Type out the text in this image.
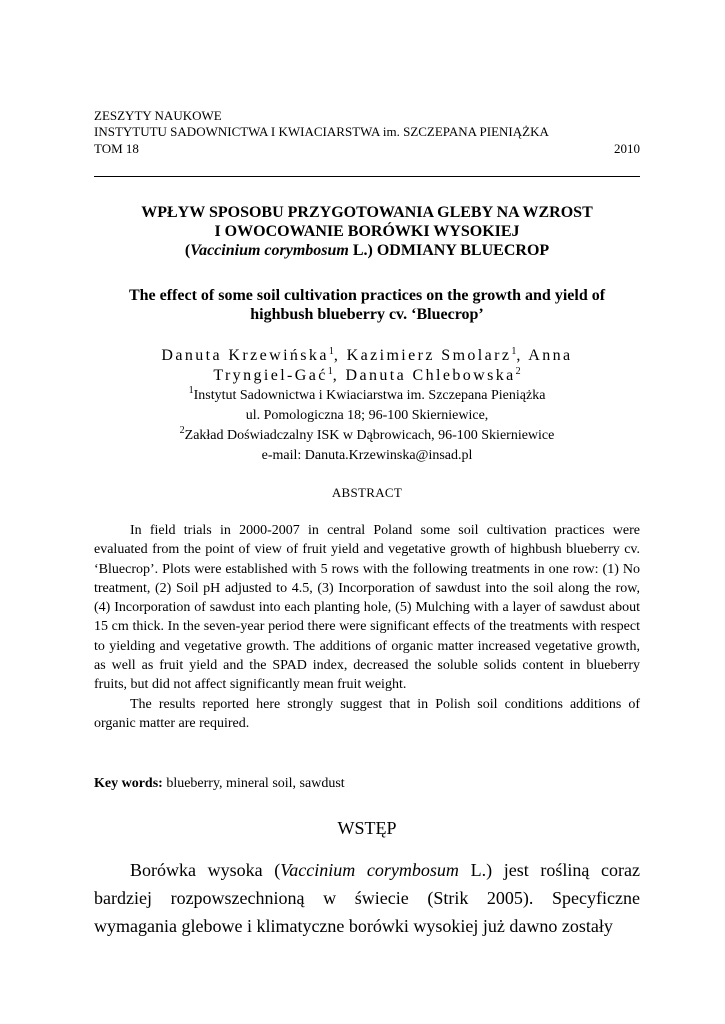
ZESZYTY NAUKOWE
INSTYTUTU SADOWNICTWA I KWIACIARSTWA im. SZCZEPANA PIENIĄŻKA
TOM 18	2010
WPŁYW SPOSOBU PRZYGOTOWANIA GLEBY NA WZROST
I OWOCOWANIE BORÓWKI WYSOKIEJ
(Vaccinium corymbosum L.) ODMIANY BLUECROP
The effect of some soil cultivation practices on the growth and yield of
highbush blueberry cv. ‘Bluecrop’
Danuta Krzewińska$^1$, Kazimierz Smolarz$^1$, Anna
Tryngiel-Gać$^1$, Danuta Chlebowska$^2$
$^1$Instytut Sadownictwa i Kwiaciarstwa im. Szczepana Pieniążka
ul. Pomologiczna 18; 96-100 Skierniewice,
$^2$Zakład Doświadczalny ISK w Dąbrowicach, 96-100 Skierniewice
e-mail: Danuta.Krzewinska@insad.pl
ABSTRACT

In field trials in 2000-2007 in central Poland some soil cultivation practices were evaluated from the point of view of fruit yield and vegetative growth of highbush blueberry cv. ‘Bluecrop’. Plots were established with 5 rows with the following treatments in one row: (1) No treatment, (2) Soil pH adjusted to 4.5, (3) Incorporation of sawdust into the soil along the row, (4) Incorporation of sawdust into each planting hole, (5) Mulching with a layer of sawdust about 15 cm thick. In the seven-year period there were significant effects of the treatments with respect to yielding and vegetative growth. The additions of organic matter increased vegetative growth, as well as fruit yield and the SPAD index, decreased the soluble solids content in blueberry fruits, but did not affect significantly mean fruit weight.

The results reported here strongly suggest that in Polish soil conditions additions of organic matter are required.

Key words: blueberry, mineral soil, sawdust
WSTĘP

Borówka wysoka (Vaccinium corymbosum L.) jest rośliną coraz bardziej rozpowszechnioną w świecie (Strik 2005). Specyficzne wymagania glebowe i klimatyczne borówki wysokiej już dawno zostały
